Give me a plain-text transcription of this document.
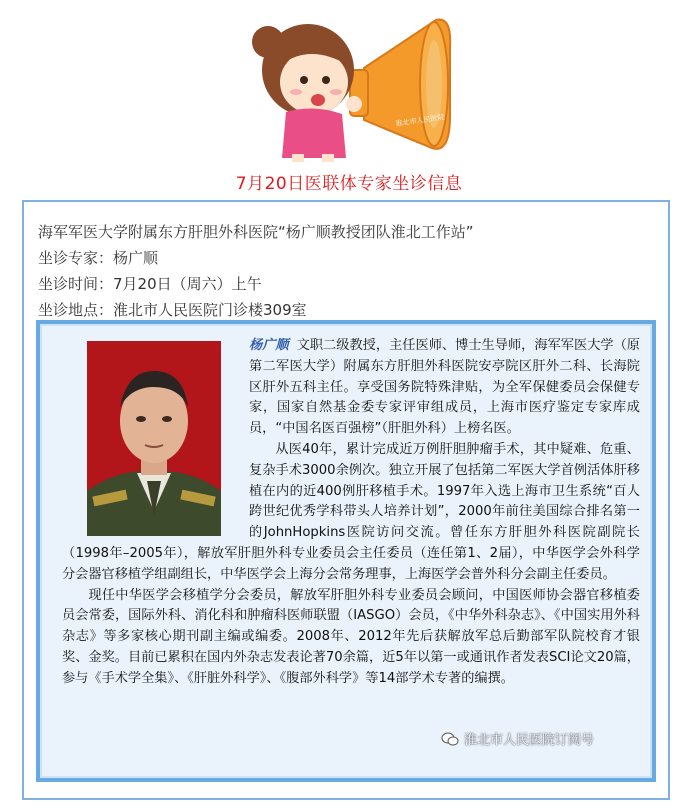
淮北市人民医院
7月20日医联体专家坐诊信息
海军军医大学附属东方肝胆外科医院“杨广顺教授团队淮北工作站”
坐诊专家：杨广顺
坐诊时间：7月20日（周六）上午
坐诊地点：淮北市人民医院门诊楼309室

杨广顺 文职二级教授，主任医师、博士生导师，海军军医大学（原第二军医大学）附属东方肝胆外科医院安亭院区肝外二科、长海院区肝外五科主任。享受国务院特殊津贴，为全军保健委员会保健专家，国家自然基金委专家评审组成员，上海市医疗鉴定专家库成员，“中国名医百强榜”（肝胆外科）上榜名医。

从医40年，累计完成近万例肝胆肿瘤手术，其中疑难、危重、复杂手术3000余例次。独立开展了包括第二军医大学首例活体肝移植在内的近400例肝移植手术。1997年入选上海市卫生系统“百人跨世纪优秀学科带头人培养计划”，2000年前往美国综合排名第一的JohnHopkins医院访问交流。曾任东方肝胆外科医院副院长（1998年–2005年），解放军肝胆外科专业委员会主任委员（连任第1、2届），中华医学会外科学分会器官移植学组副组长，中华医学会上海分会常务理事，上海医学会普外科分会副主任委员。

现任中华医学会移植学分会委员，解放军肝胆外科专业委员会顾问，中国医师协会器官移植委员会常委，国际外科、消化科和肿瘤科医师联盟（IASGO）会员，《中华外科杂志》、《中国实用外科杂志》等多家核心期刊副主编或编委。2008年、2012年先后获解放军总后勤部军队院校育才银奖、金奖。目前已累积在国内外杂志发表论著70余篇，近5年以第一或通讯作者发表SCI论文20篇，参与《手术学全集》、《肝脏外科学》、《腹部外科学》等14部学术专著的编撰。

淮北市人民医院订阅号
